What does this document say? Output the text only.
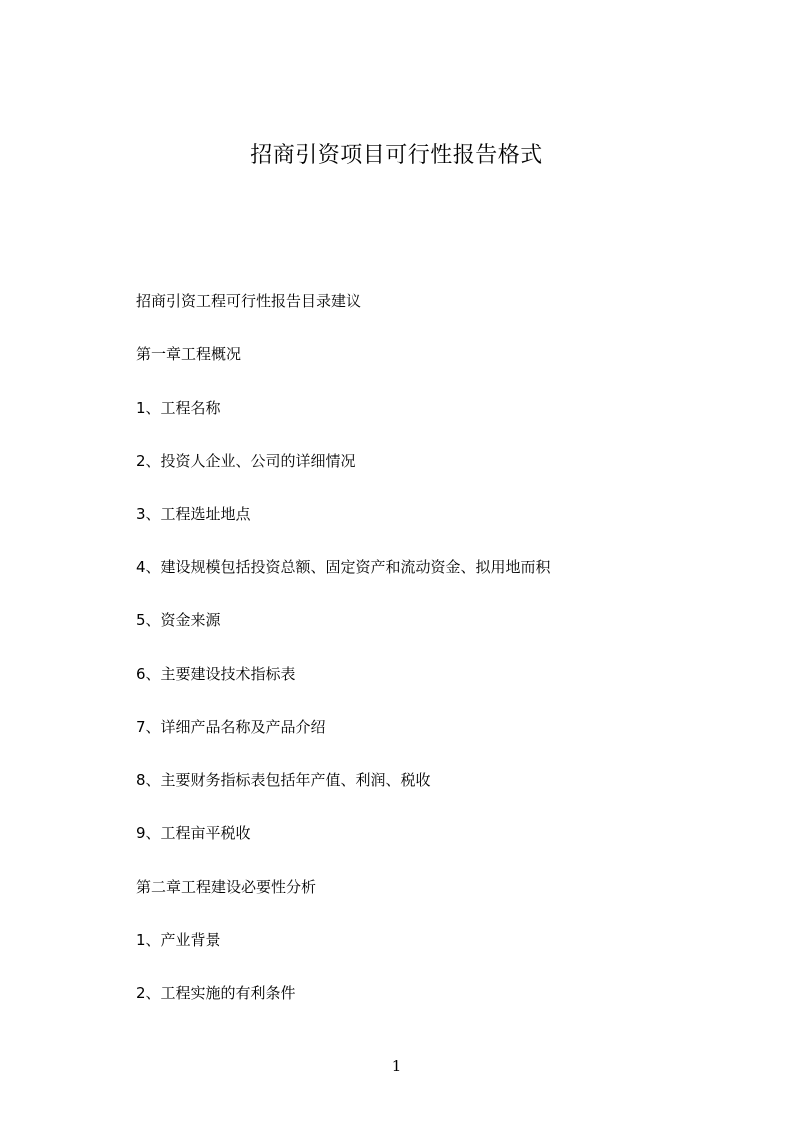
招商引资项目可行性报告格式

招商引资工程可行性报告目录建议

第一章工程概况

1、工程名称

2、投资人企业、公司的详细情况

3、工程选址地点

4、建设规模包括投资总额、固定资产和流动资金、拟用地而积

5、资金来源

6、主要建设技术指标表

7、详细产品名称及产品介绍

8、主要财务指标表包括年产值、利润、税收

9、工程亩平税收

第二章工程建设必要性分析

1、产业背景

2、工程实施的有利条件

1
